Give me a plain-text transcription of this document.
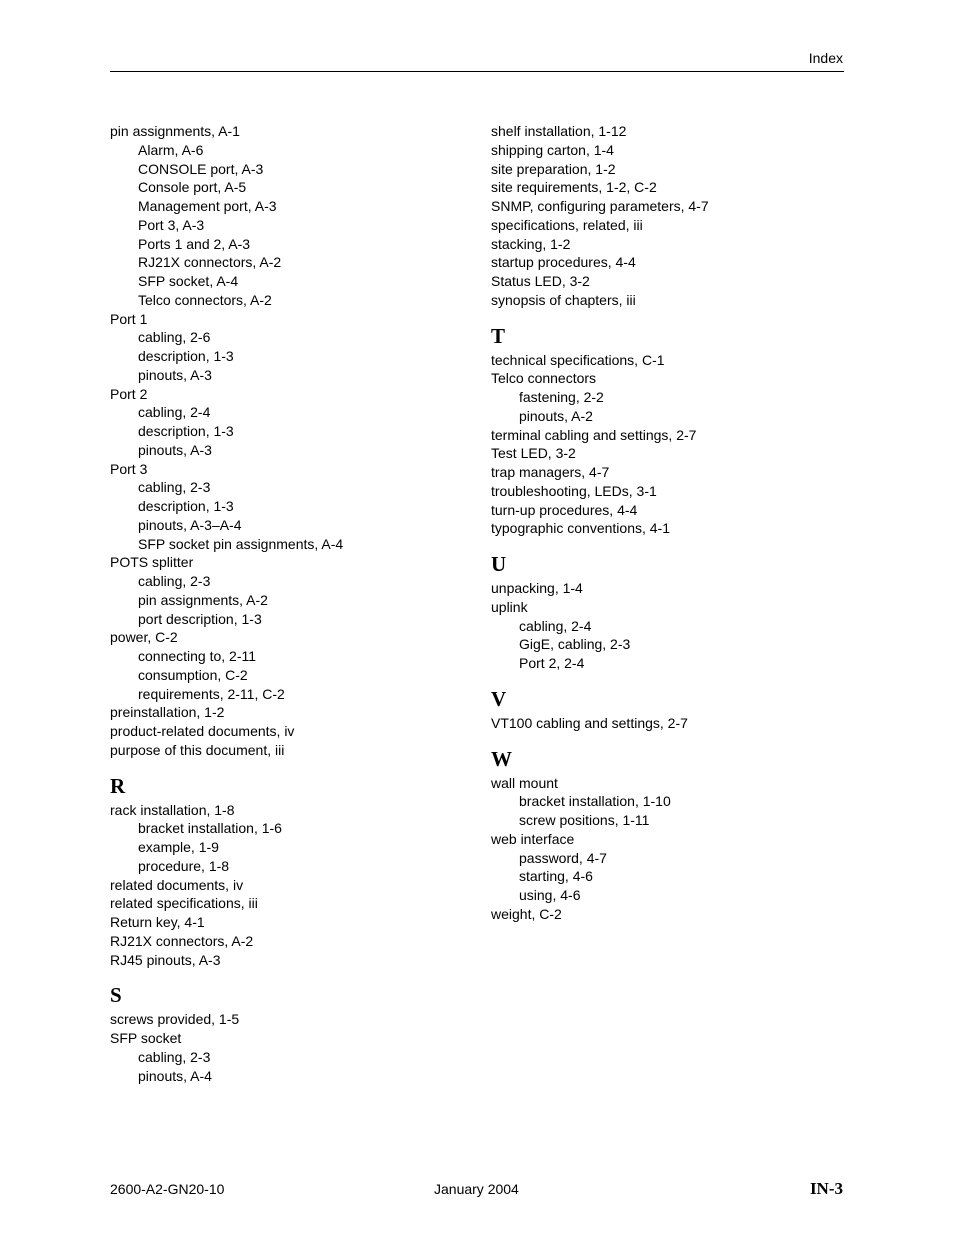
Index
pin assignments, A-1
Alarm, A-6
CONSOLE port, A-3
Console port, A-5
Management port, A-3
Port 3, A-3
Ports 1 and 2, A-3
RJ21X connectors, A-2
SFP socket, A-4
Telco connectors, A-2
Port 1
cabling, 2-6
description, 1-3
pinouts, A-3
Port 2
cabling, 2-4
description, 1-3
pinouts, A-3
Port 3
cabling, 2-3
description, 1-3
pinouts, A-3–A-4
SFP socket pin assignments, A-4
POTS splitter
cabling, 2-3
pin assignments, A-2
port description, 1-3
power, C-2
connecting to, 2-11
consumption, C-2
requirements, 2-11, C-2
preinstallation, 1-2
product-related documents, iv
purpose of this document, iii
R
rack installation, 1-8
bracket installation, 1-6
example, 1-9
procedure, 1-8
related documents, iv
related specifications, iii
Return key, 4-1
RJ21X connectors, A-2
RJ45 pinouts, A-3
S
screws provided, 1-5
SFP socket
cabling, 2-3
pinouts, A-4
shelf installation, 1-12
shipping carton, 1-4
site preparation, 1-2
site requirements, 1-2, C-2
SNMP, configuring parameters, 4-7
specifications, related, iii
stacking, 1-2
startup procedures, 4-4
Status LED, 3-2
synopsis of chapters, iii
T
technical specifications, C-1
Telco connectors
fastening, 2-2
pinouts, A-2
terminal cabling and settings, 2-7
Test LED, 3-2
trap managers, 4-7
troubleshooting, LEDs, 3-1
turn-up procedures, 4-4
typographic conventions, 4-1
U
unpacking, 1-4
uplink
cabling, 2-4
GigE, cabling, 2-3
Port 2, 2-4
V
VT100 cabling and settings, 2-7
W
wall mount
bracket installation, 1-10
screw positions, 1-11
web interface
password, 4-7
starting, 4-6
using, 4-6
weight, C-2
2600-A2-GN20-10	January 2004	IN-3
